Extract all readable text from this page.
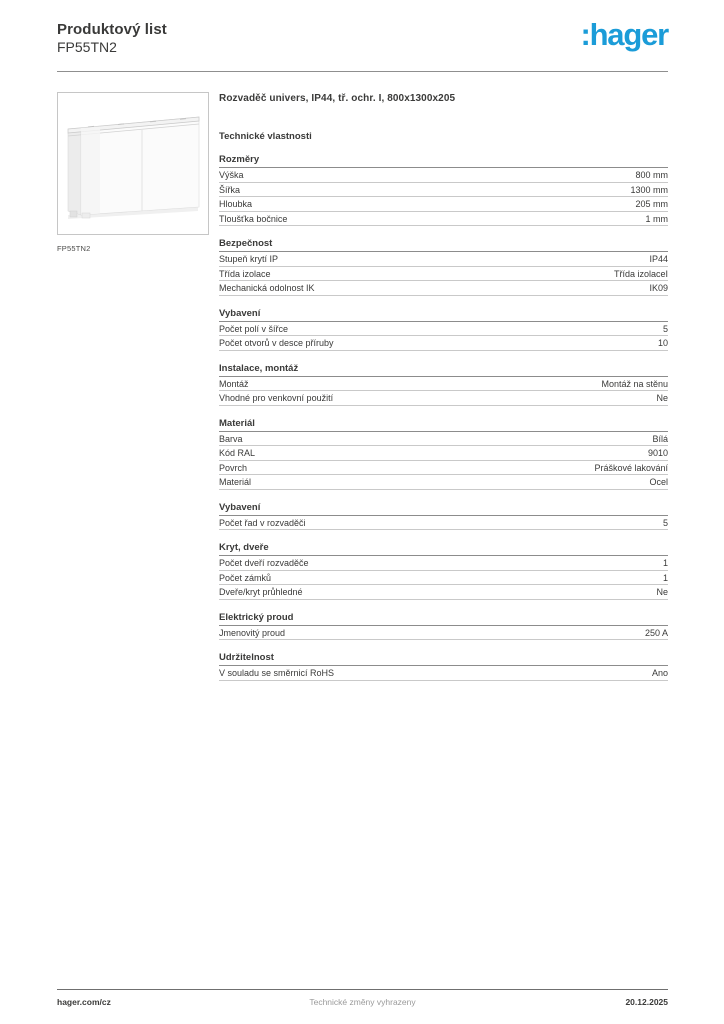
Produktový list
FP55TN2	:hager
FP55TN2
Rozvaděč univers, IP44, tř. ochr. I, 800x1300x205
Technické vlastnosti
Rozměry
Výška	800 mm
Šířka	1300 mm
Hloubka	205 mm
Tloušťka bočnice	1 mm
Bezpečnost
Stupeň krytí IP	IP44
Třída izolace	Třída izolaceI
Mechanická odolnost IK	IK09
Vybavení
Počet polí v šířce	5
Počet otvorů v desce příruby	10
Instalace, montáž
Montáž	Montáž na stěnu
Vhodné pro venkovní použití	Ne
Materiál
Barva	Bílá
Kód RAL	9010
Povrch	Práškové lakování
Materiál	Ocel
Vybavení
Počet řad v rozvaděči	5
Kryt, dveře
Počet dveří rozvaděče	1
Počet zámků	1
Dveře/kryt průhledné	Ne
Elektrický proud
Jmenovitý proud	250 A
Udržitelnost
V souladu se směrnicí RoHS	Ano
hager.com/cz	Technické změny vyhrazeny	20.12.2025
